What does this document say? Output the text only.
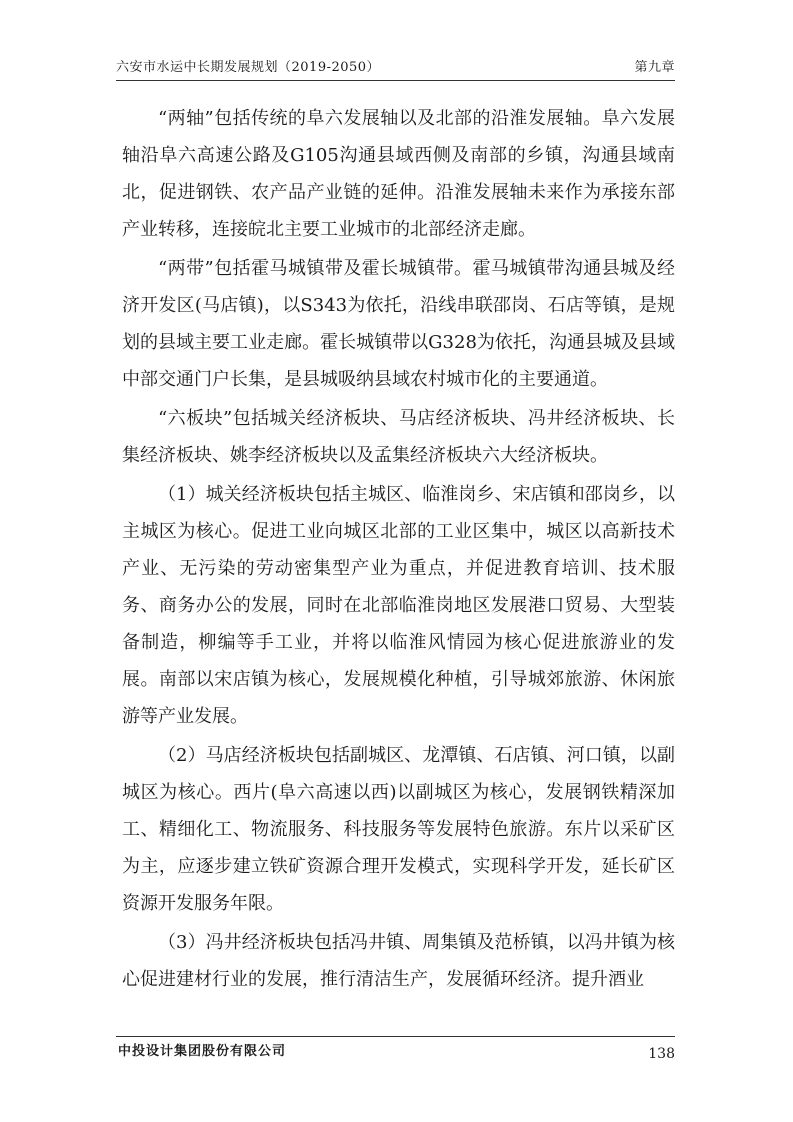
六安市水运中长期发展规划（2019-2050）	第九章

“两轴”包括传统的阜六发展轴以及北部的沿淮发展轴。阜六发展轴沿阜六高速公路及G105沟通县域西侧及南部的乡镇，沟通县域南北，促进钢铁、农产品产业链的延伸。沿淮发展轴未来作为承接东部产业转移，连接皖北主要工业城市的北部经济走廊。

“两带”包括霍马城镇带及霍长城镇带。霍马城镇带沟通县城及经济开发区(马店镇)，以S343为依托，沿线串联邵岗、石店等镇，是规划的县域主要工业走廊。霍长城镇带以G328为依托，沟通县城及县域中部交通门户长集，是县城吸纳县域农村城市化的主要通道。

“六板块”包括城关经济板块、马店经济板块、冯井经济板块、长集经济板块、姚李经济板块以及孟集经济板块六大经济板块。

（1）城关经济板块包括主城区、临淮岗乡、宋店镇和邵岗乡，以主城区为核心。促进工业向城区北部的工业区集中，城区以高新技术产业、无污染的劳动密集型产业为重点，并促进教育培训、技术服务、商务办公的发展，同时在北部临淮岗地区发展港口贸易、大型装备制造，柳编等手工业，并将以临淮风情园为核心促进旅游业的发展。南部以宋店镇为核心，发展规模化种植，引导城郊旅游、休闲旅游等产业发展。

（2）马店经济板块包括副城区、龙潭镇、石店镇、河口镇，以副城区为核心。西片(阜六高速以西)以副城区为核心，发展钢铁精深加工、精细化工、物流服务、科技服务等发展特色旅游。东片以采矿区为主，应逐步建立铁矿资源合理开发模式，实现科学开发，延长矿区资源开发服务年限。

（3）冯井经济板块包括冯井镇、周集镇及范桥镇，以冯井镇为核心促进建材行业的发展，推行清洁生产，发展循环经济。提升酒业

中投设计集团股份有限公司	138
